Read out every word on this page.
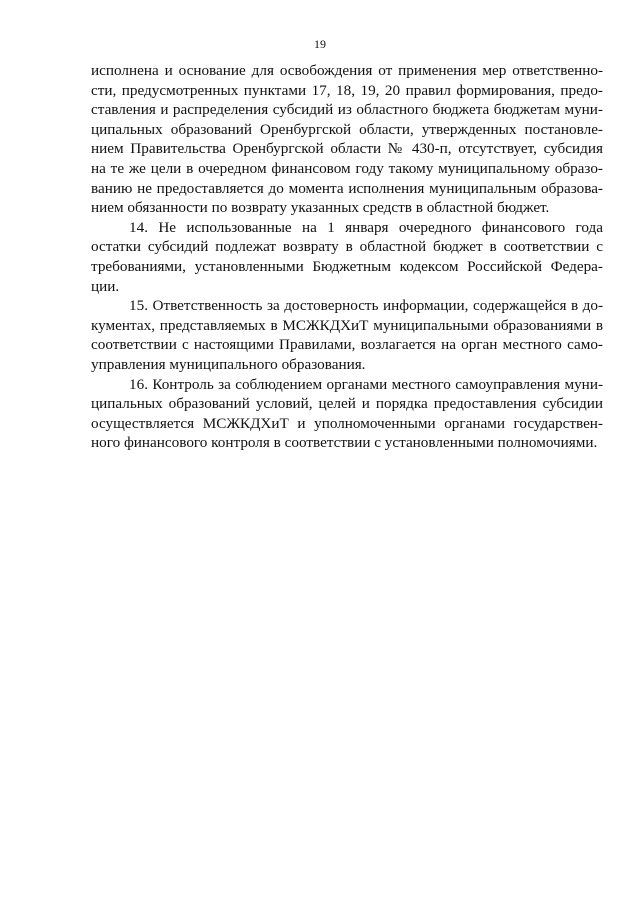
19
исполнена и основание для освобождения от применения мер ответственно-
сти, предусмотренных пунктами 17, 18, 19, 20 правил формирования, предо-
ставления и распределения субсидий из областного бюджета бюджетам муни-
ципальных образований Оренбургской области, утвержденных постановле-
нием Правительства Оренбургской области № 430-п, отсутствует, субсидия
на те же цели в очередном финансовом году такому муниципальному образо-
ванию не предоставляется до момента исполнения муниципальным образова-
нием обязанности по возврату указанных средств в областной бюджет.
14. Не использованные на 1 января очередного финансового года
остатки субсидий подлежат возврату в областной бюджет в соответствии с
требованиями, установленными Бюджетным кодексом Российской Федера-
ции.
15. Ответственность за достоверность информации, содержащейся в до-
кументах, представляемых в МСЖКДХиТ муниципальными образованиями в
соответствии с настоящими Правилами, возлагается на орган местного само-
управления муниципального образования.
16. Контроль за соблюдением органами местного самоуправления муни-
ципальных образований условий, целей и порядка предоставления субсидии
осуществляется МСЖКДХиТ и уполномоченными органами государствен-
ного финансового контроля в соответствии с установленными полномочиями.
